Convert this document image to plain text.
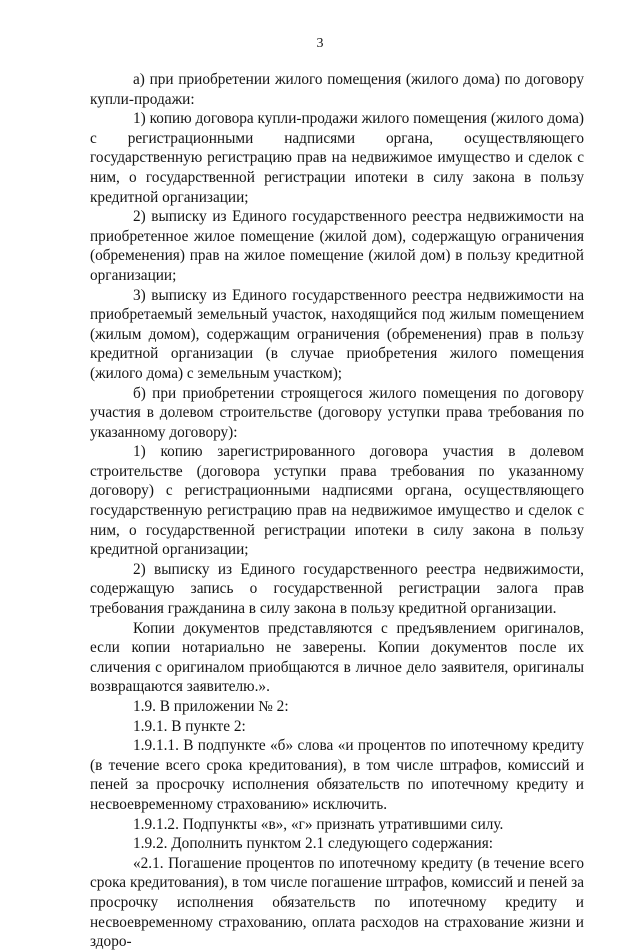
3

а) при приобретении жилого помещения (жилого дома) по договору купли-продажи:

1) копию договора купли-продажи жилого помещения (жилого дома) с регистрационными надписями органа, осуществляющего государственную регистрацию прав на недвижимое имущество и сделок с ним, о государственной регистрации ипотеки в силу закона в пользу кредитной организации;

2) выписку из Единого государственного реестра недвижимости на приобретенное жилое помещение (жилой дом), содержащую ограничения (обременения) прав на жилое помещение (жилой дом) в пользу кредитной организации;

3) выписку из Единого государственного реестра недвижимости на приобретаемый земельный участок, находящийся под жилым помещением (жилым домом), содержащим ограничения (обременения) прав в пользу кредитной организации (в случае приобретения жилого помещения (жилого дома) с земельным участком);

б) при приобретении строящегося жилого помещения по договору участия в долевом строительстве (договору уступки права требования по указанному договору):

1) копию зарегистрированного договора участия в долевом строительстве (договора уступки права требования по указанному договору) с регистрационными надписями органа, осуществляющего государственную регистрацию прав на недвижимое имущество и сделок с ним, о государственной регистрации ипотеки в силу закона в пользу кредитной организации;

2) выписку из Единого государственного реестра недвижимости, содержащую запись о государственной регистрации залога прав требования гражданина в силу закона в пользу кредитной организации.

Копии документов представляются с предъявлением оригиналов, если копии нотариально не заверены. Копии документов после их сличения с оригиналом приобщаются в личное дело заявителя, оригиналы возвращаются заявителю.».

1.9. В приложении № 2:

1.9.1. В пункте 2:

1.9.1.1. В подпункте «б» слова «и процентов по ипотечному кредиту (в течение всего срока кредитования), в том числе штрафов, комиссий и пеней за просрочку исполнения обязательств по ипотечному кредиту и несвоевременному страхованию» исключить.

1.9.1.2. Подпункты «в», «г» признать утратившими силу.

1.9.2. Дополнить пунктом 2.1 следующего содержания:

«2.1. Погашение процентов по ипотечному кредиту (в течение всего срока кредитования), в том числе погашение штрафов, комиссий и пеней за просрочку исполнения обязательств по ипотечному кредиту и несвоевременному страхованию, оплата расходов на страхование жизни и здоро-
